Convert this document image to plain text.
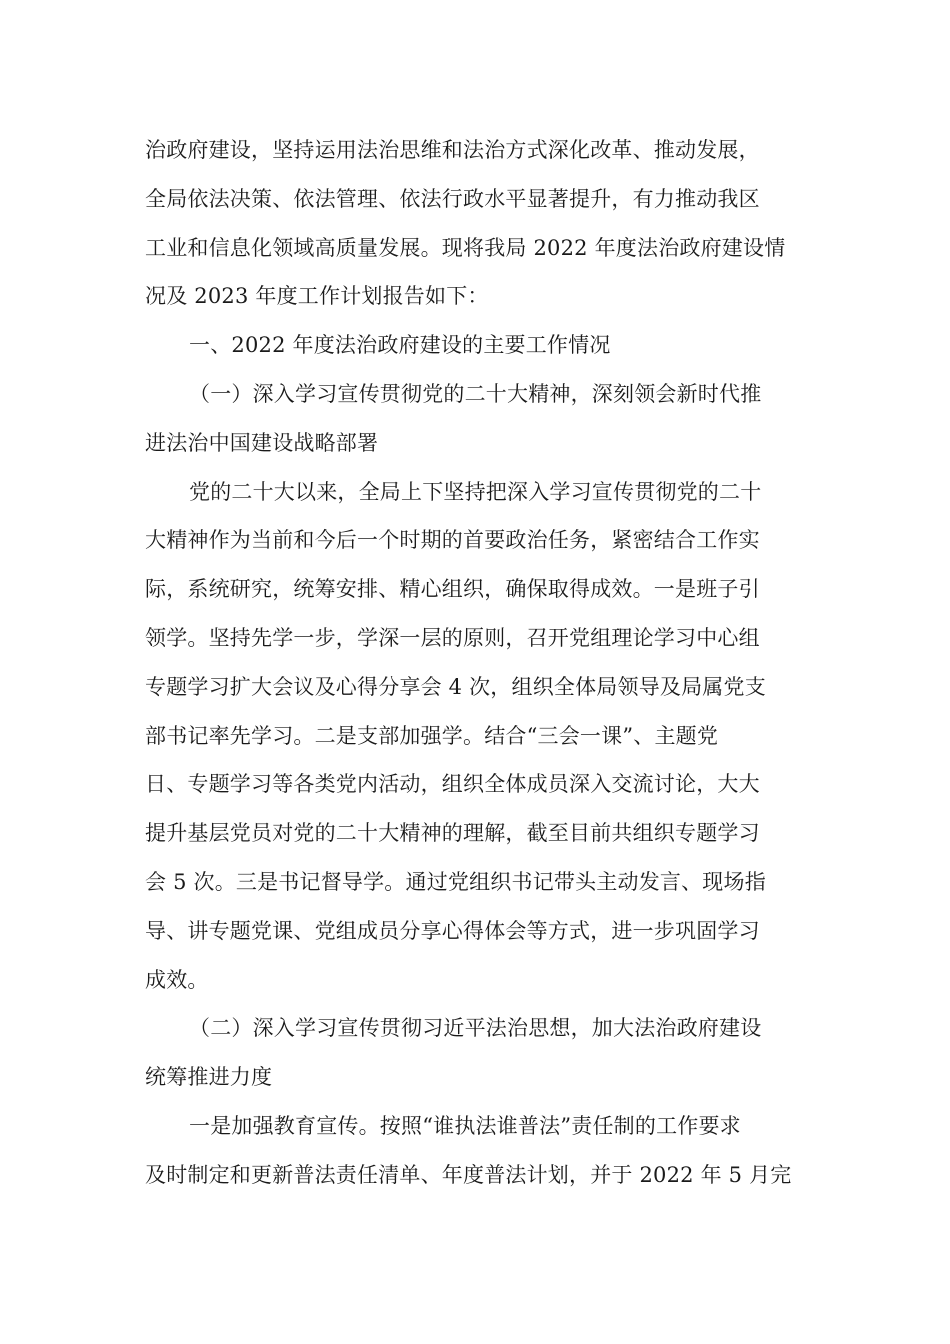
治政府建设，坚持运用法治思维和法治方式深化改革、推动发展，
全局依法决策、依法管理、依法行政水平显著提升，有力推动我区
工业和信息化领域高质量发展。现将我局 2022 年度法治政府建设情
况及 2023 年度工作计划报告如下：
一、2022 年度法治政府建设的主要工作情况
（一）深入学习宣传贯彻党的二十大精神，深刻领会新时代推
进法治中国建设战略部署
党的二十大以来，全局上下坚持把深入学习宣传贯彻党的二十
大精神作为当前和今后一个时期的首要政治任务，紧密结合工作实
际，系统研究，统筹安排、精心组织，确保取得成效。一是班子引
领学。坚持先学一步，学深一层的原则，召开党组理论学习中心组
专题学习扩大会议及心得分享会 4 次，组织全体局领导及局属党支
部书记率先学习。二是支部加强学。结合“三会一课”、主题党
日、专题学习等各类党内活动，组织全体成员深入交流讨论，大大
提升基层党员对党的二十大精神的理解，截至目前共组织专题学习
会 5 次。三是书记督导学。通过党组织书记带头主动发言、现场指
导、讲专题党课、党组成员分享心得体会等方式，进一步巩固学习
成效。
（二）深入学习宣传贯彻习近平法治思想，加大法治政府建设
统筹推进力度
一是加强教育宣传。按照“谁执法谁普法”责任制的工作要求
及时制定和更新普法责任清单、年度普法计划，并于 2022 年 5 月完
